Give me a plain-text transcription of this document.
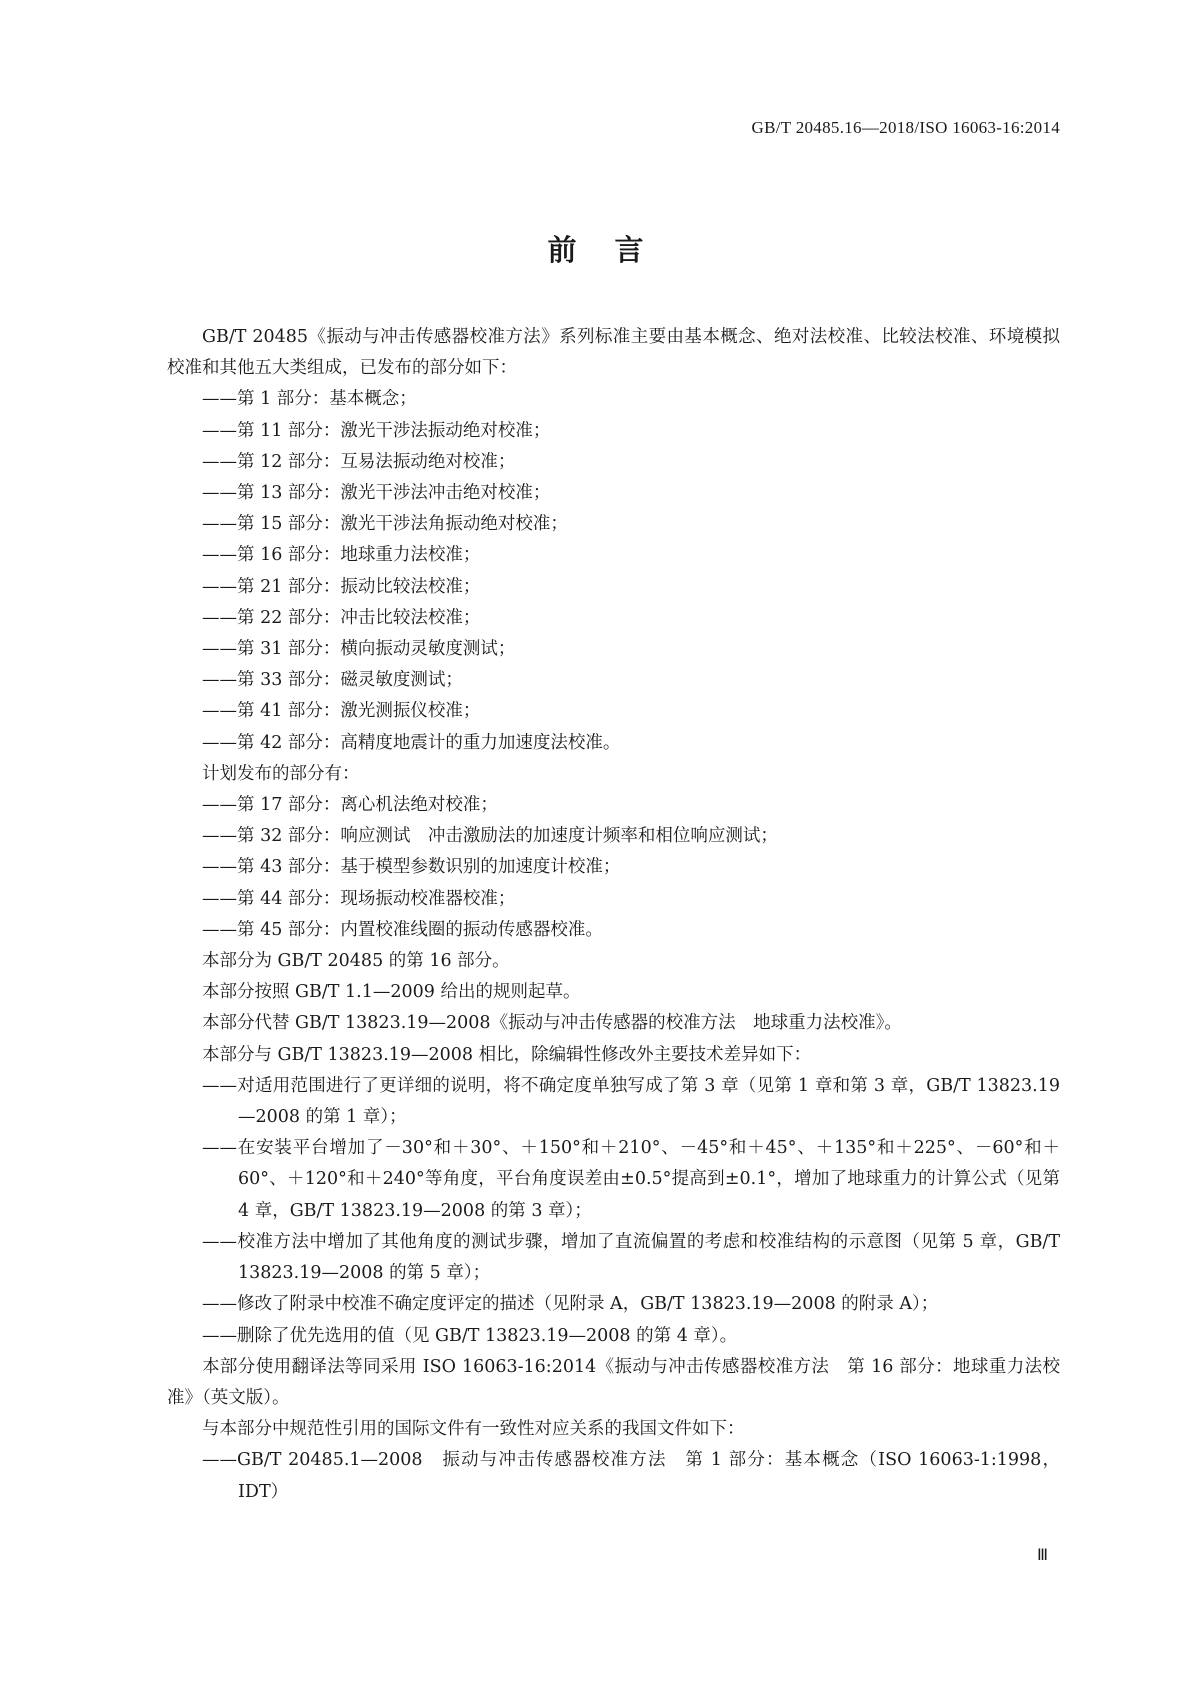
GB/T 20485.16—2018/ISO 16063-16:2014
前言

GB/T 20485《振动与冲击传感器校准方法》系列标准主要由基本概念、绝对法校准、比较法校准、环境模拟校准和其他五大类组成，已发布的部分如下：

——第 1 部分：基本概念；

——第 11 部分：激光干涉法振动绝对校准；

——第 12 部分：互易法振动绝对校准；

——第 13 部分：激光干涉法冲击绝对校准；

——第 15 部分：激光干涉法角振动绝对校准；

——第 16 部分：地球重力法校准；

——第 21 部分：振动比较法校准；

——第 22 部分：冲击比较法校准；

——第 31 部分：横向振动灵敏度测试；

——第 33 部分：磁灵敏度测试；

——第 41 部分：激光测振仪校准；

——第 42 部分：高精度地震计的重力加速度法校准。

计划发布的部分有：

——第 17 部分：离心机法绝对校准；

——第 32 部分：响应测试　冲击激励法的加速度计频率和相位响应测试；

——第 43 部分：基于模型参数识别的加速度计校准；

——第 44 部分：现场振动校准器校准；

——第 45 部分：内置校准线圈的振动传感器校准。

本部分为 GB/T 20485 的第 16 部分。

本部分按照 GB/T 1.1—2009 给出的规则起草。

本部分代替 GB/T 13823.19—2008《振动与冲击传感器的校准方法　地球重力法校准》。

本部分与 GB/T 13823.19—2008 相比，除编辑性修改外主要技术差异如下：

——对适用范围进行了更详细的说明，将不确定度单独写成了第 3 章（见第 1 章和第 3 章，GB/T 13823.19—2008 的第 1 章）；

——在安装平台增加了－30°和＋30°、＋150°和＋210°、－45°和＋45°、＋135°和＋225°、－60°和＋60°、＋120°和＋240°等角度，平台角度误差由±0.5°提高到±0.1°，增加了地球重力的计算公式（见第 4 章，GB/T 13823.19—2008 的第 3 章）；

——校准方法中增加了其他角度的测试步骤，增加了直流偏置的考虑和校准结构的示意图（见第 5 章，GB/T 13823.19—2008 的第 5 章）；

——修改了附录中校准不确定度评定的描述（见附录 A，GB/T 13823.19—2008 的附录 A）；

——删除了优先选用的值（见 GB/T 13823.19—2008 的第 4 章）。

本部分使用翻译法等同采用 ISO 16063-16:2014《振动与冲击传感器校准方法　第 16 部分：地球重力法校准》（英文版）。

与本部分中规范性引用的国际文件有一致性对应关系的我国文件如下：

——GB/T 20485.1—2008　振动与冲击传感器校准方法　第 1 部分：基本概念（ISO 16063-1:1998，IDT）

Ⅲ
